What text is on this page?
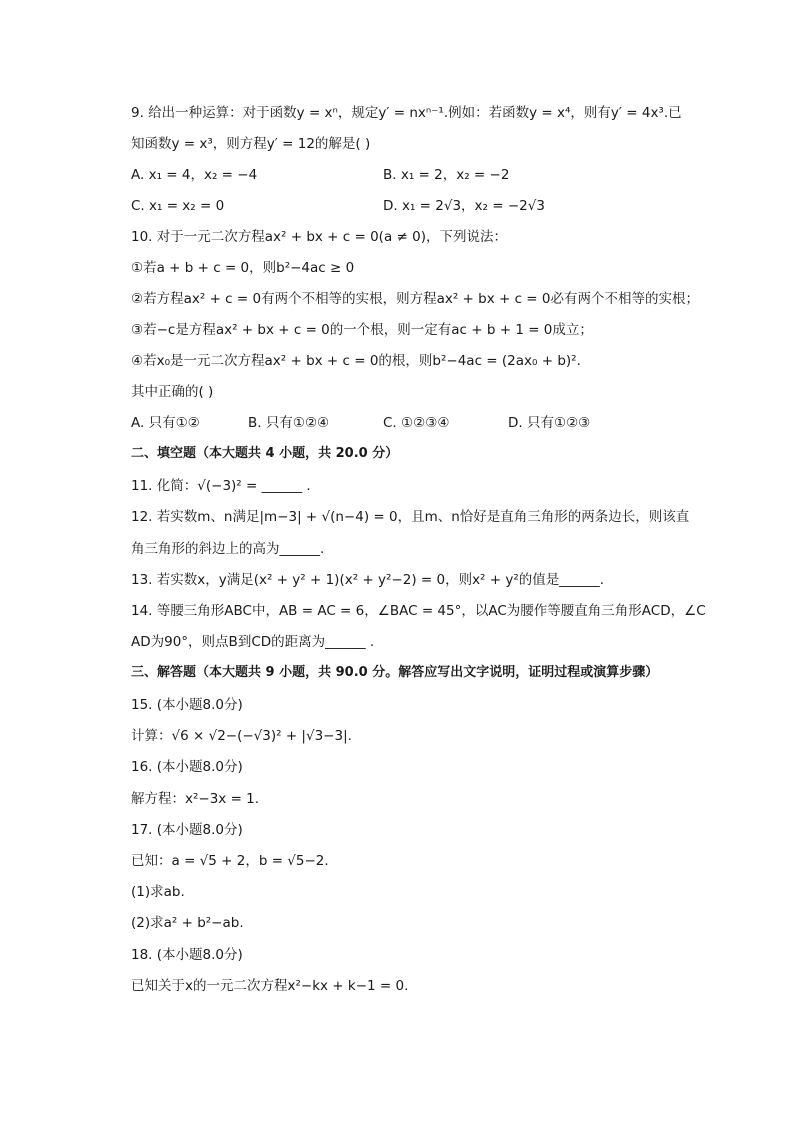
9. 给出一种运算：对于函数y = xⁿ，规定y′ = nxⁿ⁻¹.例如：若函数y = x⁴，则有y′ = 4x³.已
知函数y = x³，则方程y′ = 12的解是( )
A. x₁ = 4，x₂ = −4	B. x₁ = 2，x₂ = −2
C. x₁ = x₂ = 0	D. x₁ = 2√3，x₂ = −2√3
10. 对于一元二次方程ax² + bx + c = 0(a ≠ 0)，下列说法：
①若a + b + c = 0，则b²−4ac ≥ 0
②若方程ax² + c = 0有两个不相等的实根，则方程ax² + bx + c = 0必有两个不相等的实根；
③若−c是方程ax² + bx + c = 0的一个根，则一定有ac + b + 1 = 0成立；
④若x₀是一元二次方程ax² + bx + c = 0的根，则b²−4ac = (2ax₀ + b)².
其中正确的( )
A. 只有①②	B. 只有①②④	C. ①②③④	D. 只有①②③
二、填空题（本大题共 4 小题，共 20.0 分）
11. 化简：√(−3)² = ______ .
12. 若实数m、n满足|m−3| + √(n−4) = 0，且m、n恰好是直角三角形的两条边长，则该直
角三角形的斜边上的高为______.
13. 若实数x，y满足(x² + y² + 1)(x² + y²−2) = 0，则x² + y²的值是______.
14. 等腰三角形ABC中，AB = AC = 6，∠BAC = 45°，以AC为腰作等腰直角三角形ACD，∠C
AD为90°，则点B到CD的距离为______ .
三、解答题（本大题共 9 小题，共 90.0 分。解答应写出文字说明，证明过程或演算步骤）
15. (本小题8.0分)
计算：√6 × √2−(−√3)² + |√3−3|.
16. (本小题8.0分)
解方程：x²−3x = 1.
17. (本小题8.0分)
已知：a = √5 + 2，b = √5−2.
(1)求ab.
(2)求a² + b²−ab.
18. (本小题8.0分)
已知关于x的一元二次方程x²−kx + k−1 = 0.
